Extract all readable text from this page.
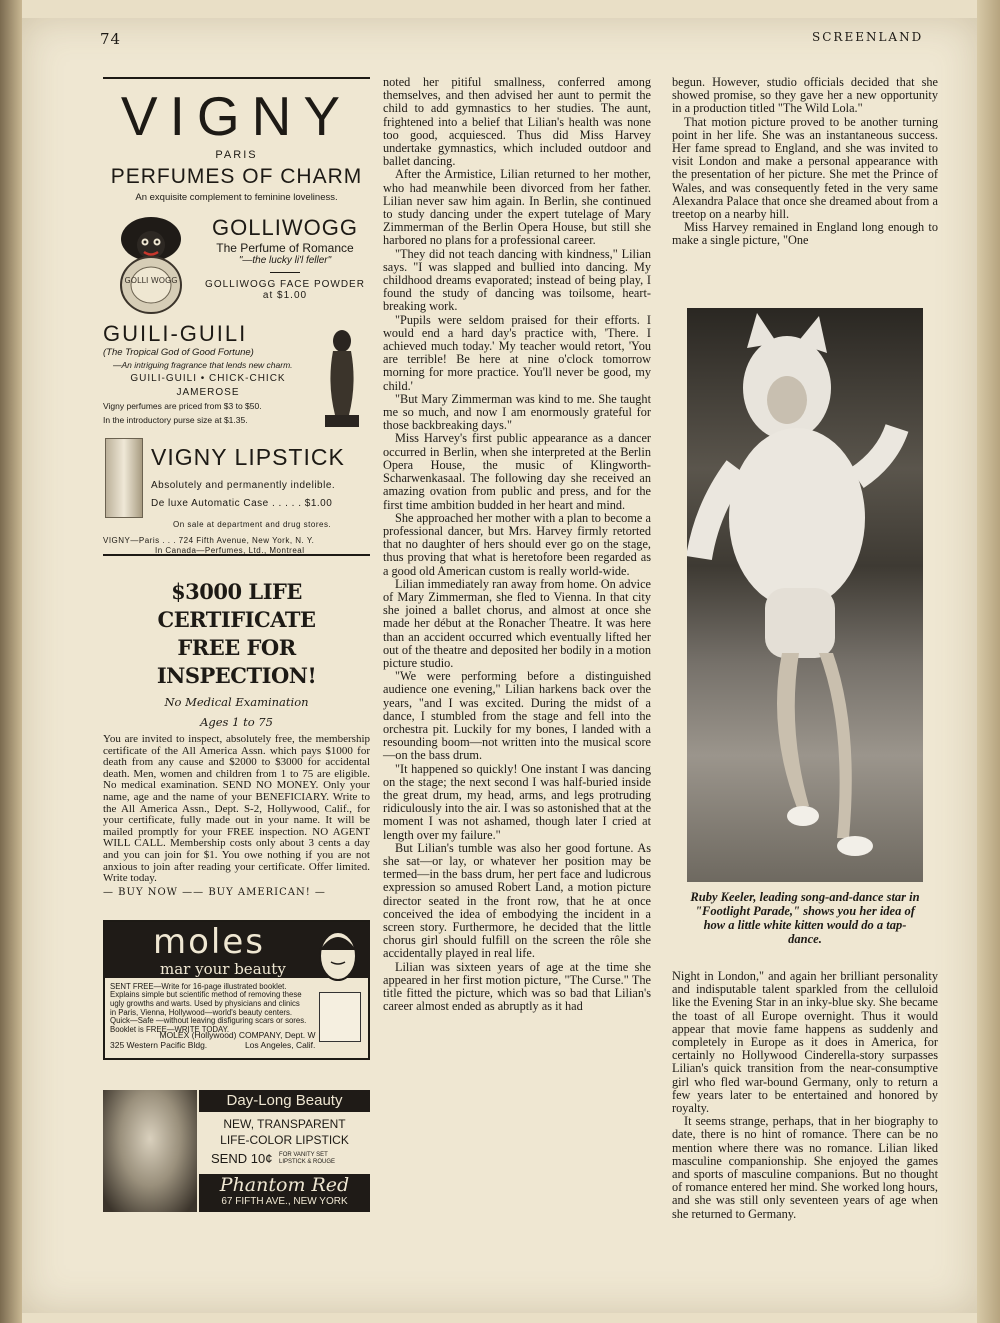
74	SCREENLAND
VIGNY
PARIS
PERFUMES OF CHARM
An exquisite complement to feminine loveliness.
GOLLI WOGG
GOLLIWOGG
The Perfume of Romance
"—the lucky li'l feller"
GOLLIWOGG FACE POWDER
at $1.00
GUILI-GUILI
(The Tropical God of Good Fortune)
—An intriguing fragrance that lends new charm.
GUILI-GUILI • CHICK-CHICK
JAMEROSE
Vigny perfumes are priced from $3 to $50.
In the introductory purse size at $1.35.
VIGNY LIPSTICK
Absolutely and permanently indelible.
De luxe Automatic Case . . . . . $1.00
On sale at department and drug stores.
VIGNY—Paris . . . 724 Fifth Avenue, New York, N. Y.
In Canada—Perfumes, Ltd., Montreal
$3000 LIFE CERTIFICATE
FREE FOR INSPECTION!
No Medical Examination
Ages 1 to 75
You are invited to inspect, absolutely free, the membership certificate of the All America Assn. which pays $1000 for death from any cause and $2000 to $3000 for accidental death. Men, women and children from 1 to 75 are eligible. No medical examination. SEND NO MONEY. Only your name, age and the name of your BENEFICIARY. Write to the All America Assn., Dept. S-2, Hollywood, Calif., for your certificate, fully made out in your name. It will be mailed promptly for your FREE inspection. NO AGENT WILL CALL. Membership costs only about 3 cents a day and you can join for $1. You owe nothing if you are not anxious to join after reading your certificate. Offer limited. Write today.
— BUY NOW —— BUY AMERICAN! —
moles
mar your beauty
SENT FREE—Write for 16-page illustrated booklet. Explains simple but scientific method of removing these ugly growths and warts. Used by physicians and clinics in Paris, Vienna, Hollywood—world's beauty centers. Quick—Safe —without leaving disfiguring scars or sores. Booklet is FREE—WRITE TODAY.
MOLEX (Hollywood) COMPANY, Dept. W
325 Western Pacific Bldg.                Los Angeles, Calif.
Day-Long Beauty
NEW, TRANSPARENT
LIFE-COLOR LIPSTICK
SEND 10¢ FOR VANITY SET
LIPSTICK & ROUGE
Phantom Red
67 FIFTH AVE., NEW YORK

noted her pitiful smallness, conferred among themselves, and then advised her aunt to permit the child to add gymnastics to her studies. The aunt, frightened into a belief that Lilian's health was none too good, acquiesced. Thus did Miss Harvey undertake gymnastics, which included outdoor and ballet dancing.

After the Armistice, Lilian returned to her mother, who had meanwhile been divorced from her father. Lilian never saw him again. In Berlin, she continued to study dancing under the expert tutelage of Mary Zimmerman of the Berlin Opera House, but still she harbored no plans for a professional career.

"They did not teach dancing with kindness," Lilian says. "I was slapped and bullied into dancing. My childhood dreams evaporated; instead of being play, I found the study of dancing was toilsome, heart-breaking work.

"Pupils were seldom praised for their efforts. I would end a hard day's practice with, 'There. I achieved much today.' My teacher would retort, 'You are terrible! Be here at nine o'clock tomorrow morning for more practice. You'll never be good, my child.'

"But Mary Zimmerman was kind to me. She taught me so much, and now I am enormously grateful for those backbreaking days."

Miss Harvey's first public appearance as a dancer occurred in Berlin, when she interpreted at the Berlin Opera House, the music of Klingworth-Scharwenkasaal. The following day she received an amazing ovation from public and press, and for the first time ambition budded in her heart and mind.

She approached her mother with a plan to become a professional dancer, but Mrs. Harvey firmly retorted that no daughter of hers should ever go on the stage, thus proving that what is heretofore been regarded as a good old American custom is really world-wide.

Lilian immediately ran away from home. On advice of Mary Zimmerman, she fled to Vienna. In that city she joined a ballet chorus, and almost at once she made her début at the Ronacher Theatre. It was here than an accident occurred which eventually lifted her out of the theatre and deposited her bodily in a motion picture studio.

"We were performing before a distinguished audience one evening," Lilian harkens back over the years, "and I was excited. During the midst of a dance, I stumbled from the stage and fell into the orchestra pit. Luckily for my bones, I landed with a resounding boom—not written into the musical score—on the bass drum.

"It happened so quickly! One instant I was dancing on the stage; the next second I was half-buried inside the great drum, my head, arms, and legs protruding ridiculously into the air. I was so astonished that at the moment I was not ashamed, though later I cried at length over my failure."

But Lilian's tumble was also her good fortune. As she sat—or lay, or whatever her position may be termed—in the bass drum, her pert face and ludicrous expression so amused Robert Land, a motion picture director seated in the front row, that he at once conceived the idea of embodying the incident in a screen story. Furthermore, he decided that the little chorus girl should fulfill on the screen the rôle she accidentally played in real life.

Lilian was sixteen years of age at the time she appeared in her first motion picture, "The Curse." The title fitted the picture, which was so bad that Lilian's career almost ended as abruptly as it had

begun. However, studio officials decided that she showed promise, so they gave her a new opportunity in a production titled "The Wild Lola."

That motion picture proved to be another turning point in her life. She was an instantaneous success. Her fame spread to England, and she was invited to visit London and make a personal appearance with the presentation of her picture. She met the Prince of Wales, and was consequently feted in the very same Alexandra Palace that once she dreamed about from a treetop on a nearby hill.

Miss Harvey remained in England long enough to make a single picture, "One

Ruby Keeler, leading song-and-dance star in "Footlight Parade," shows you her idea of how a little white kitten would do a tap-dance.

Night in London," and again her brilliant personality and indisputable talent sparkled from the celluloid like the Evening Star in an inky-blue sky. She became the toast of all Europe overnight. Thus it would appear that movie fame happens as suddenly and completely in Europe as it does in America, for certainly no Hollywood Cinderella-story surpasses Lilian's quick transition from the near-consumptive girl who fled war-bound Germany, only to return a few years later to be entertained and honored by royalty.

It seems strange, perhaps, that in her biography to date, there is no hint of romance. There can be no mention where there was no romance. Lilian liked masculine companionship. She enjoyed the games and sports of masculine companions. But no thought of romance entered her mind. She worked long hours, and she was still only seventeen years of age when she returned to Germany.
